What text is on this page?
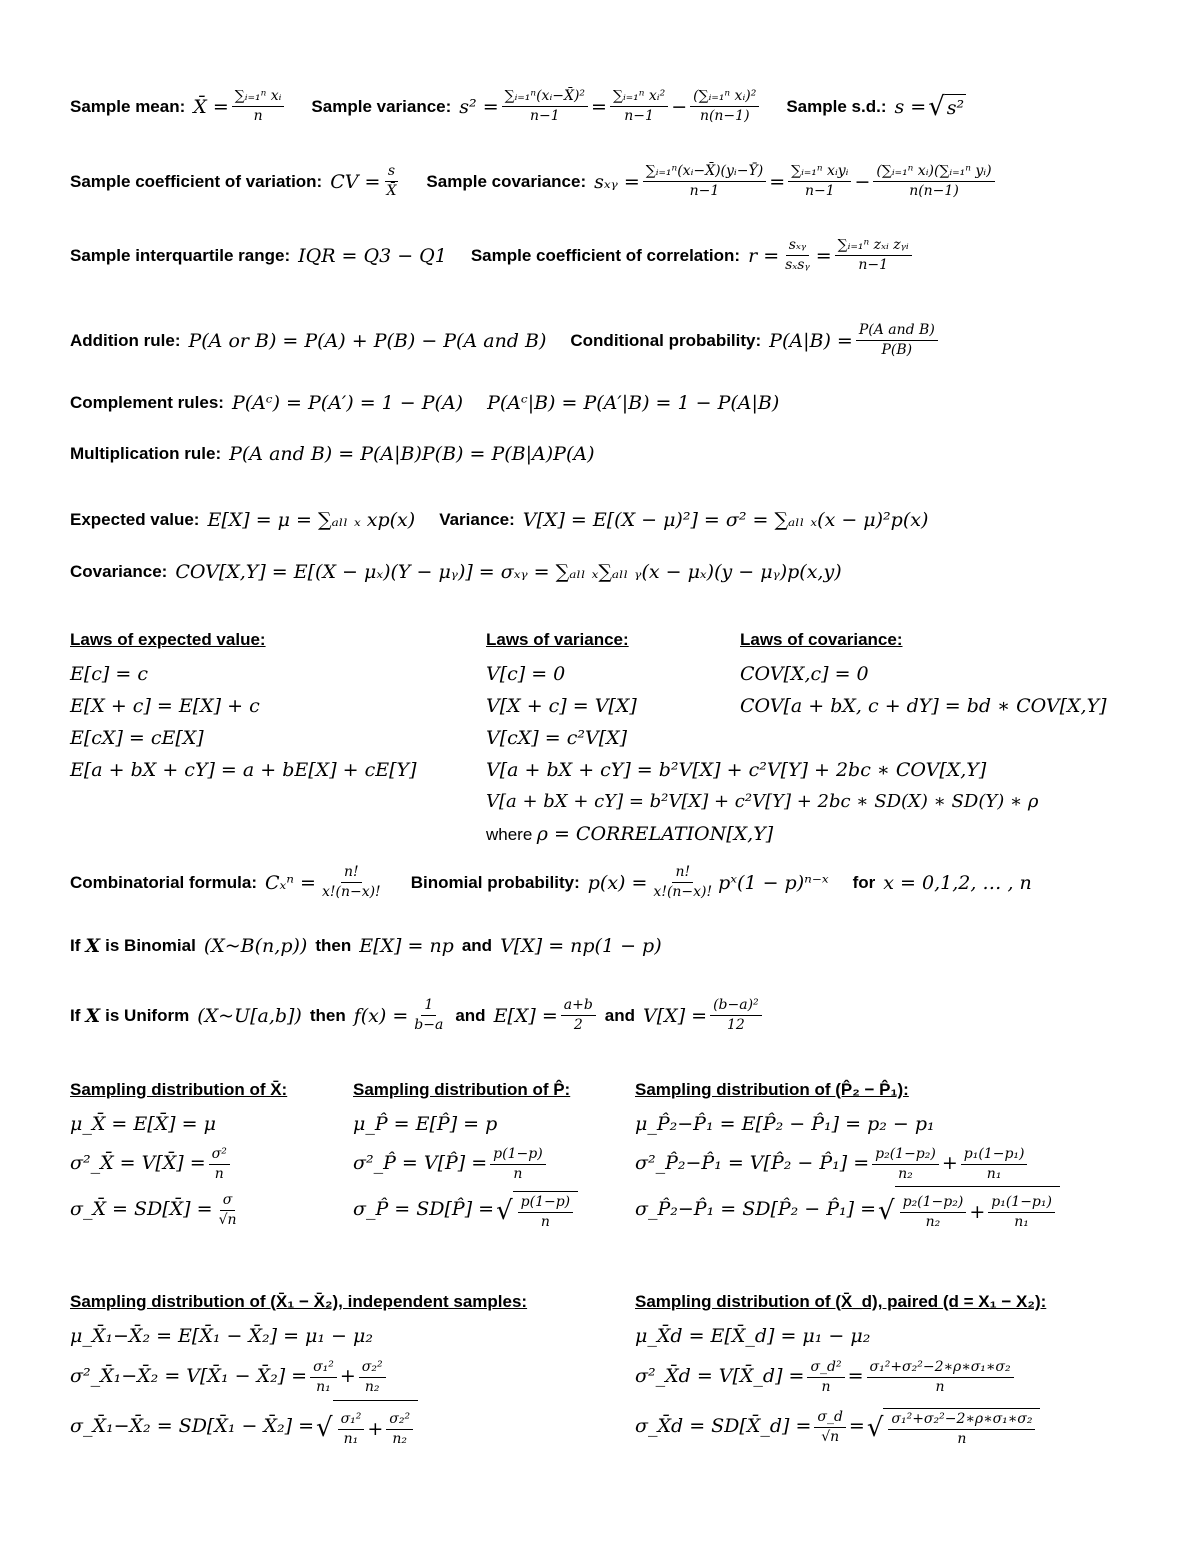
Sample mean: X̄ = $\frac{\text{∑ᵢ₌₁ⁿ xᵢ}}{n}$ Sample variance: $s^2 = \frac{\text{∑ᵢ₌₁ⁿ(xᵢ−X̄)²}}{n-1} = \frac{\text{∑ᵢ₌₁ⁿ xᵢ²}}{n-1} - \frac{\text{(∑ᵢ₌₁ⁿ xᵢ)²}}{n(n-1)}$ Sample s.d.: s = √ s²
Sample coefficient of variation: CV = $\frac{s}{X̄}$ Sample covariance: sₓᵧ = $\frac{\text{∑ᵢ₌₁ⁿ(xᵢ−X̄)(yᵢ−Ȳ)}}{n-1} = \frac{\text{∑ᵢ₌₁ⁿ xᵢyᵢ}}{n-1} - \frac{\text{(∑ᵢ₌₁ⁿ xᵢ)(∑ᵢ₌₁ⁿ yᵢ)}}{n(n-1)}$
Sample interquartile range: IQR = Q3 − Q1 Sample coefficient of correlation: $r = \frac{\text{sₓᵧ}}{\text{sₓsᵧ}} = \frac{\text{∑ᵢ₌₁ⁿ zₓᵢ zᵧᵢ}}{n-1}$
Addition rule: P(A or B) = P(A) + P(B) − P(A and B) Conditional probability: $P(A|B) = \frac{\text{P(A and B)}}{P(B)}$
Complement rules: P(Aᶜ) = P(A′) = 1 − P(A) P(Aᶜ|B) = P(A′|B) = 1 − P(A|B)
Multiplication rule: P(A and B) = P(A|B)P(B) = P(B|A)P(A)
Expected value: E[X] = μ = ∑ₐₗₗ ₓ xp(x) Variance: V[X] = E[(X − μ)²] = σ² = ∑ₐₗₗ ₓ(x − μ)²p(x)
Covariance: COV[X,Y] = E[(X − μₓ)(Y − μᵧ)] = σₓᵧ = ∑ₐₗₗ ₓ∑ₐₗₗ ᵧ(x − μₓ)(y − μᵧ)p(x,y)
Laws of expected value:
E[c] = c
E[X + c] = E[X] + c
E[cX] = cE[X]
E[a + bX + cY] = a + bE[X] + cE[Y]
Laws of variance:
V[c] = 0
V[X + c] = V[X]
V[cX] = c²V[X]
V[a + bX + cY] = b²V[X] + c²V[Y] + 2bc ∗ COV[X,Y]
V[a + bX + cY] = b²V[X] + c²V[Y] + 2bc ∗ SD(X) ∗ SD(Y) ∗ ρ
where ρ = CORRELATION[X,Y]
Laws of covariance:
COV[X,c] = 0
COV[a + bX, c + dY] = bd ∗ COV[X,Y]
Combinatorial formula: $C_x^n = \frac{n!}{x!(n-x)!}$ Binomial probability: $p(x) = \frac{n!}{x!(n-x)!}$ pˣ(1 − p)ⁿ⁻ˣ for x = 0,1,2, … , n
If X is Binomial (X~B(n,p)) then E[X] = np and V[X] = np(1 − p)
If X is Uniform (X~U[a,b]) then $f(x) = \frac{1}{b-a}$ and $E[X] = \frac{a+b}{2}$ and $V[X] = \frac{\text{(b−a)²}}{12}$
Sampling distribution of X̄:
μ_X̄ = E[X̄] = μ
σ²_X̄ = V[X̄] = $\frac{\text{σ²}}{n}$
σ_X̄ = SD[X̄] = $\frac{\sigma}{√n}$
Sampling distribution of P̂:
μ_P̂ = E[P̂] = p
σ²_P̂ = V[P̂] = $\frac{p(1-p)}{n}$
σ_P̂ = SD[P̂] = √ $\frac{p(1-p)}{n}$
Sampling distribution of (P̂₂ − P̂₁):
μ_P̂₂−P̂₁ = E[P̂₂ − P̂₁] = p₂ − p₁
σ²_P̂₂−P̂₁ = V[P̂₂ − P̂₁] = $\frac{\text{p₂(1−p₂)}}{\text{n₂}} + \frac{\text{p₁(1−p₁)}}{\text{n₁}}$
σ_P̂₂−P̂₁ = SD[P̂₂ − P̂₁] = √ $\frac{\text{p₂(1−p₂)}}{\text{n₂}} + \frac{\text{p₁(1−p₁)}}{\text{n₁}}$
Sampling distribution of (X̄₁ − X̄₂), independent samples:
μ_X̄₁−X̄₂ = E[X̄₁ − X̄₂] = μ₁ − μ₂
σ²_X̄₁−X̄₂ = V[X̄₁ − X̄₂] = $\frac{\text{σ₁²}}{\text{n₁}} + \frac{\text{σ₂²}}{\text{n₂}}$
σ_X̄₁−X̄₂ = SD[X̄₁ − X̄₂] = √ $\frac{\text{σ₁²}}{\text{n₁}} + \frac{\text{σ₂²}}{\text{n₂}}$
Sampling distribution of (X̄_d), paired (d = X₁ − X₂):
μ_X̄d = E[X̄_d] = μ₁ − μ₂
σ²_X̄d = V[X̄_d] = $\frac{\text{σ\_d²}}{n} = \frac{\text{σ₁²+σ₂²−2∗ρ∗σ₁∗σ₂}}{n}$
σ_X̄d = SD[X̄_d] = $\frac{\sigma\_d}{√n}$ = √ $\frac{\text{σ₁²+σ₂²−2∗ρ∗σ₁∗σ₂}}{n}$
